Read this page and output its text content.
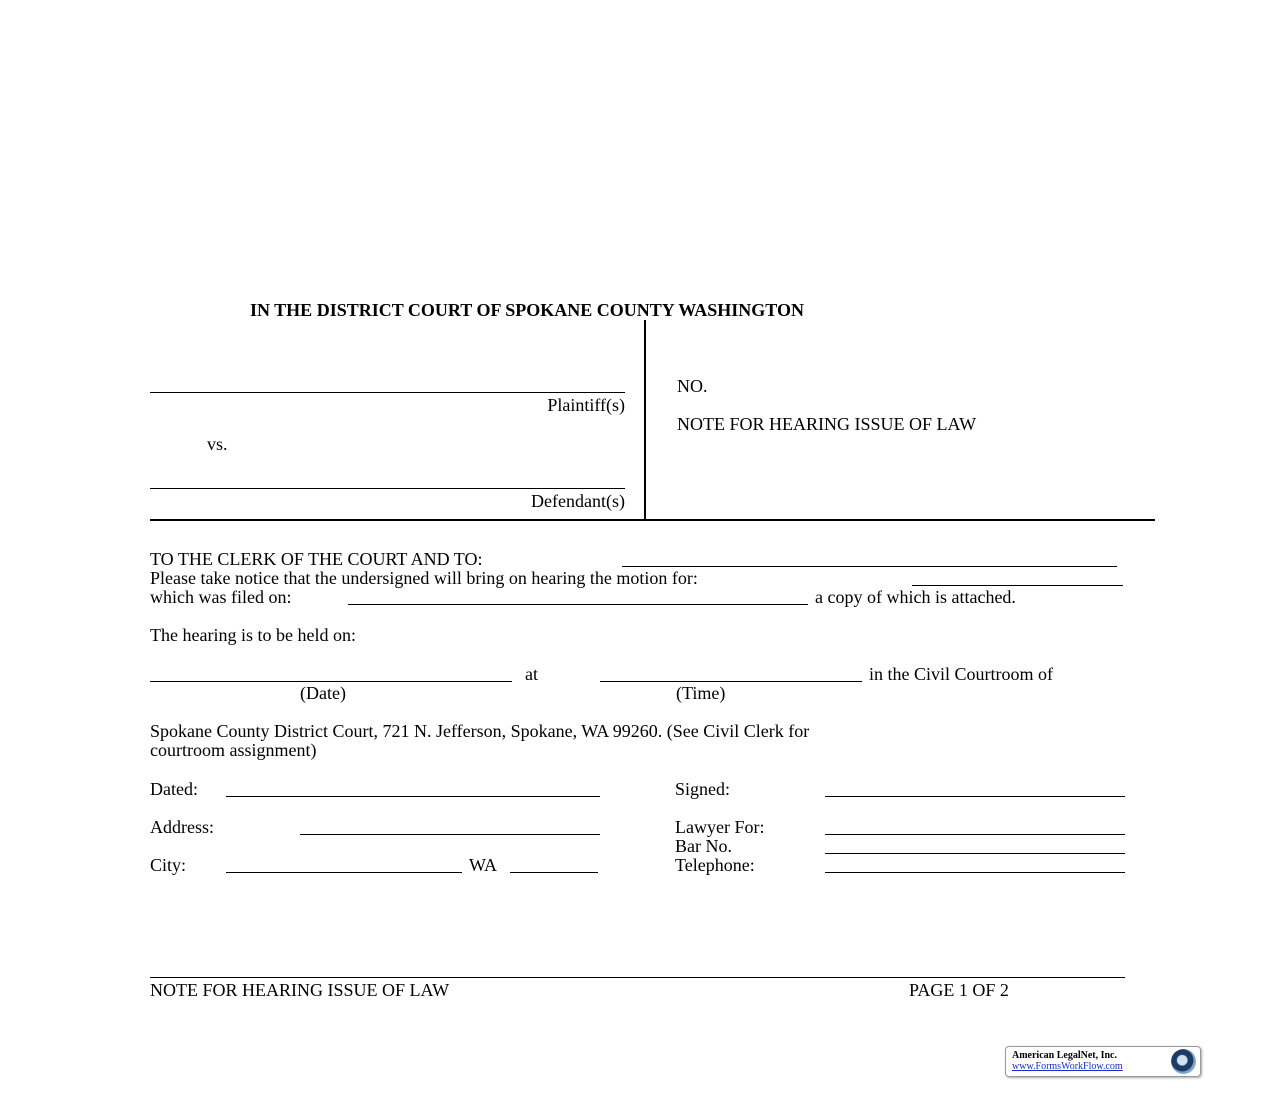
IN THE DISTRICT COURT OF SPOKANE COUNTY WASHINGTON
Plaintiff(s)
vs.
Defendant(s)
NO.
NOTE FOR HEARING ISSUE OF LAW
TO THE CLERK OF THE COURT AND TO:
Please take notice that the undersigned will bring on hearing the motion for:
which was filed on:	a copy of which is attached.
The hearing is to be held on:
at	in the Civil Courtroom of
(Date)	(Time)
Spokane County District Court, 721 N. Jefferson, Spokane, WA 99260. (See Civil Clerk for
courtroom assignment)
Dated:
Address:
City:	WA
Signed:
Lawyer For:
Bar No.
Telephone:
NOTE FOR HEARING ISSUE OF LAW	PAGE 1 OF 2
American LegalNet, Inc.
www.FormsWorkFlow.com
